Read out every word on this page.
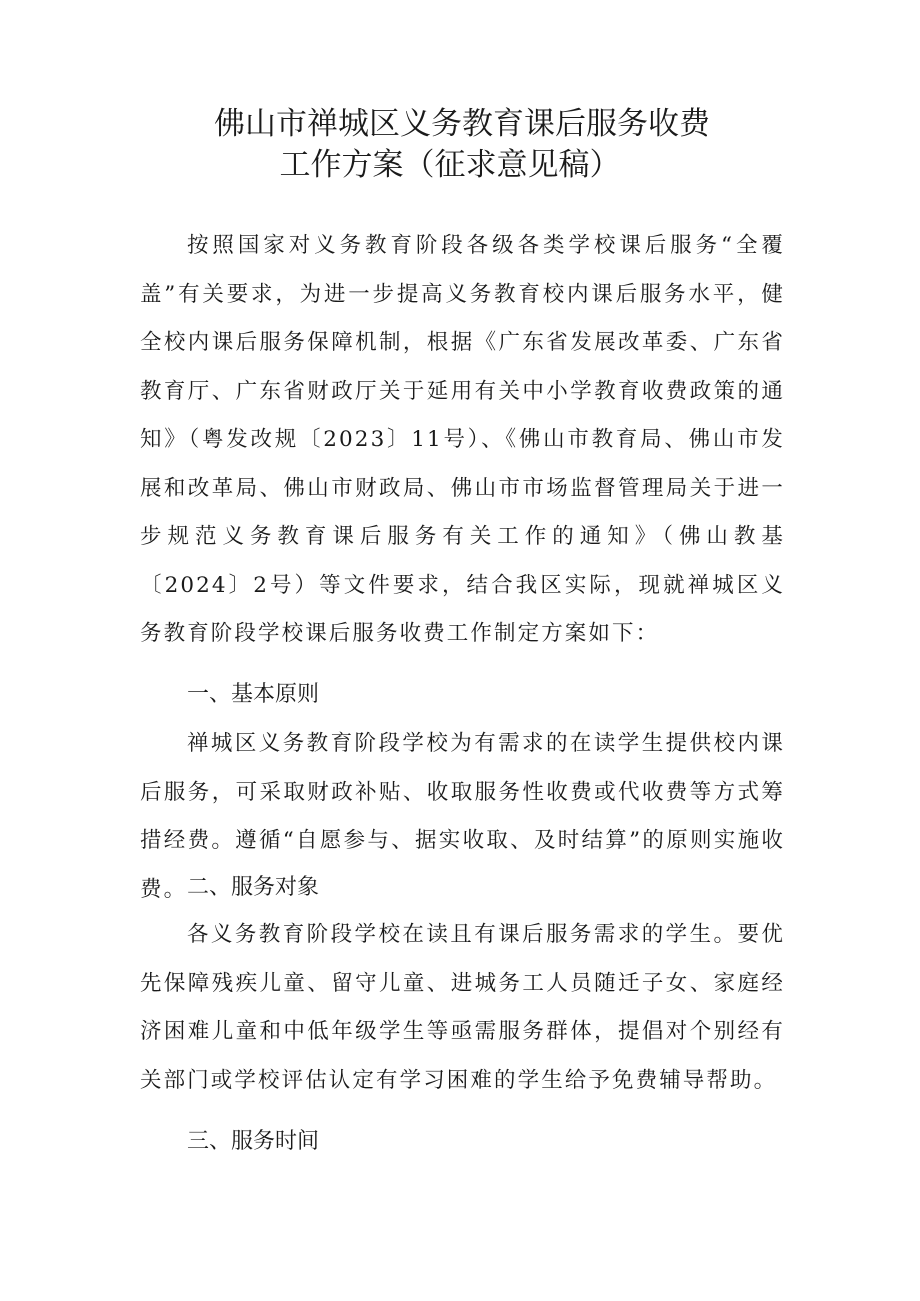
佛山市禅城区义务教育课后服务收费
工作方案（征求意见稿）

按照国家对义务教育阶段各级各类学校课后服务“全覆盖”有关要求，为进一步提高义务教育校内课后服务水平，健全校内课后服务保障机制，根据《广东省发展改革委、广东省教育厅、广东省财政厅关于延用有关中小学教育收费政策的通知》（粤发改规〔2023〕11号）、《佛山市教育局、佛山市发展和改革局、佛山市财政局、佛山市市场监督管理局关于进一步规范义务教育课后服务有关工作的通知》（佛山教基〔2024〕2号）等文件要求，结合我区实际，现就禅城区义务教育阶段学校课后服务收费工作制定方案如下：

一、基本原则

禅城区义务教育阶段学校为有需求的在读学生提供校内课后服务，可采取财政补贴、收取服务性收费或代收费等方式筹措经费。遵循“自愿参与、据实收取、及时结算”的原则实施收费。 二、服务对象

各义务教育阶段学校在读且有课后服务需求的学生。要优先保障残疾儿童、留守儿童、进城务工人员随迁子女、家庭经济困难儿童和中低年级学生等亟需服务群体，提倡对个别经有关部门或学校评估认定有学习困难的学生给予免费辅导帮助。

三、服务时间
